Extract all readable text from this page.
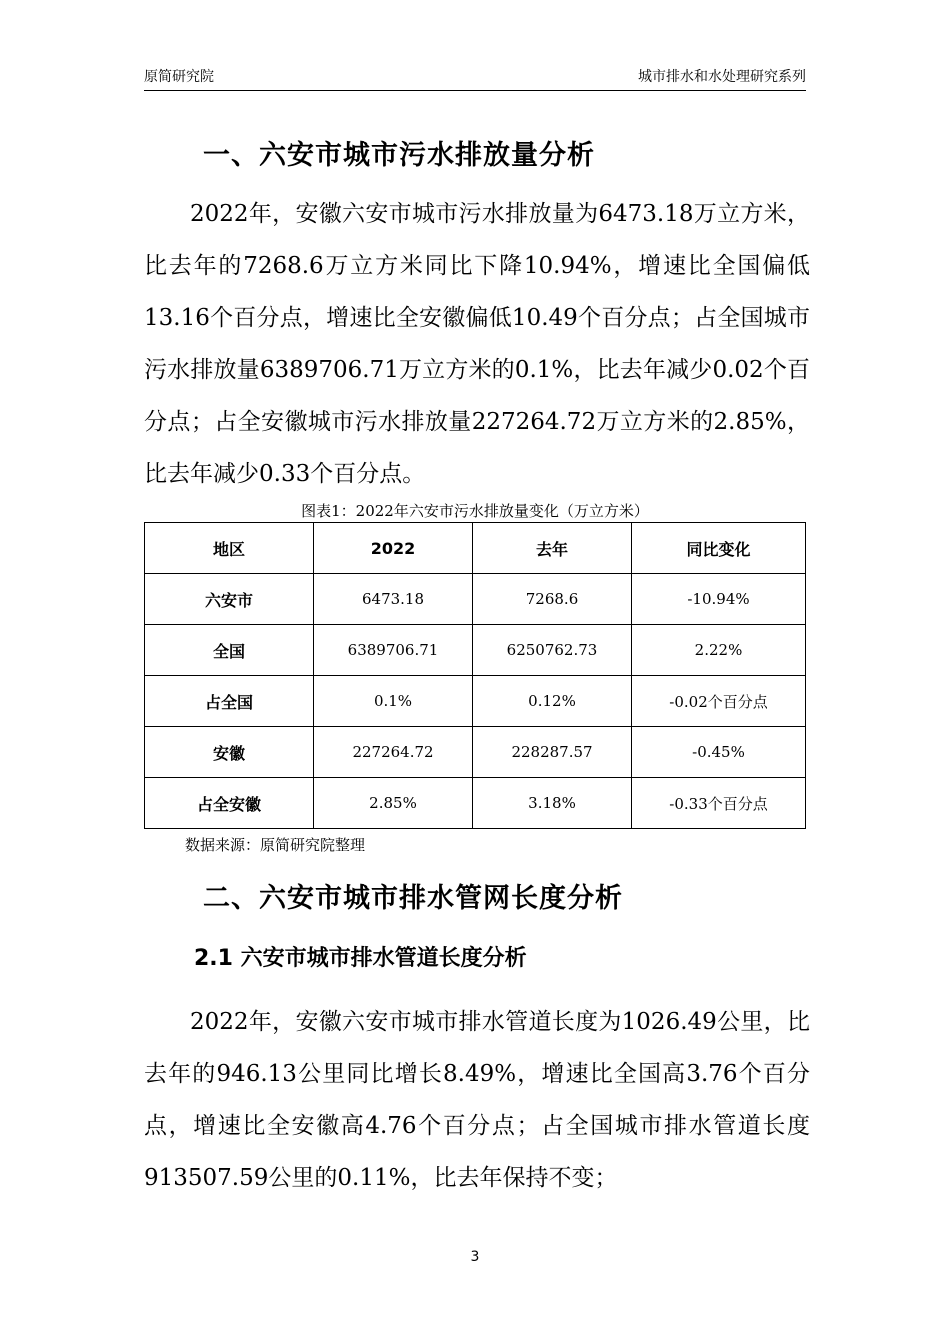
原简研究院	城市排水和水处理研究系列
一、六安市城市污水排放量分析

2022年，安徽六安市城市污水排放量为6473.18万立方米，比去年的7268.6万立方米同比下降10.94%，增速比全国偏低13.16个百分点，增速比全安徽偏低10.49个百分点；占全国城市污水排放量6389706.71万立方米的0.1%，比去年减少0.02个百分点；占全安徽城市污水排放量227264.72万立方米的2.85%，比去年减少0.33个百分点。

图表1：2022年六安市污水排放量变化（万立方米）
地区	2022	去年	同比变化
六安市	6473.18	7268.6	-10.94%
全国	6389706.71	6250762.73	2.22%
占全国	0.1%	0.12%	-0.02个百分点
安徽	227264.72	228287.57	-0.45%
占全安徽	2.85%	3.18%	-0.33个百分点
数据来源：原简研究院整理
二、六安市城市排水管网长度分析
2.1 六安市城市排水管道长度分析

2022年，安徽六安市城市排水管道长度为1026.49公里，比去年的946.13公里同比增长8.49%，增速比全国高3.76个百分点，增速比全安徽高4.76个百分点；占全国城市排水管道长度913507.59公里的0.11%，比去年保持不变；

3
